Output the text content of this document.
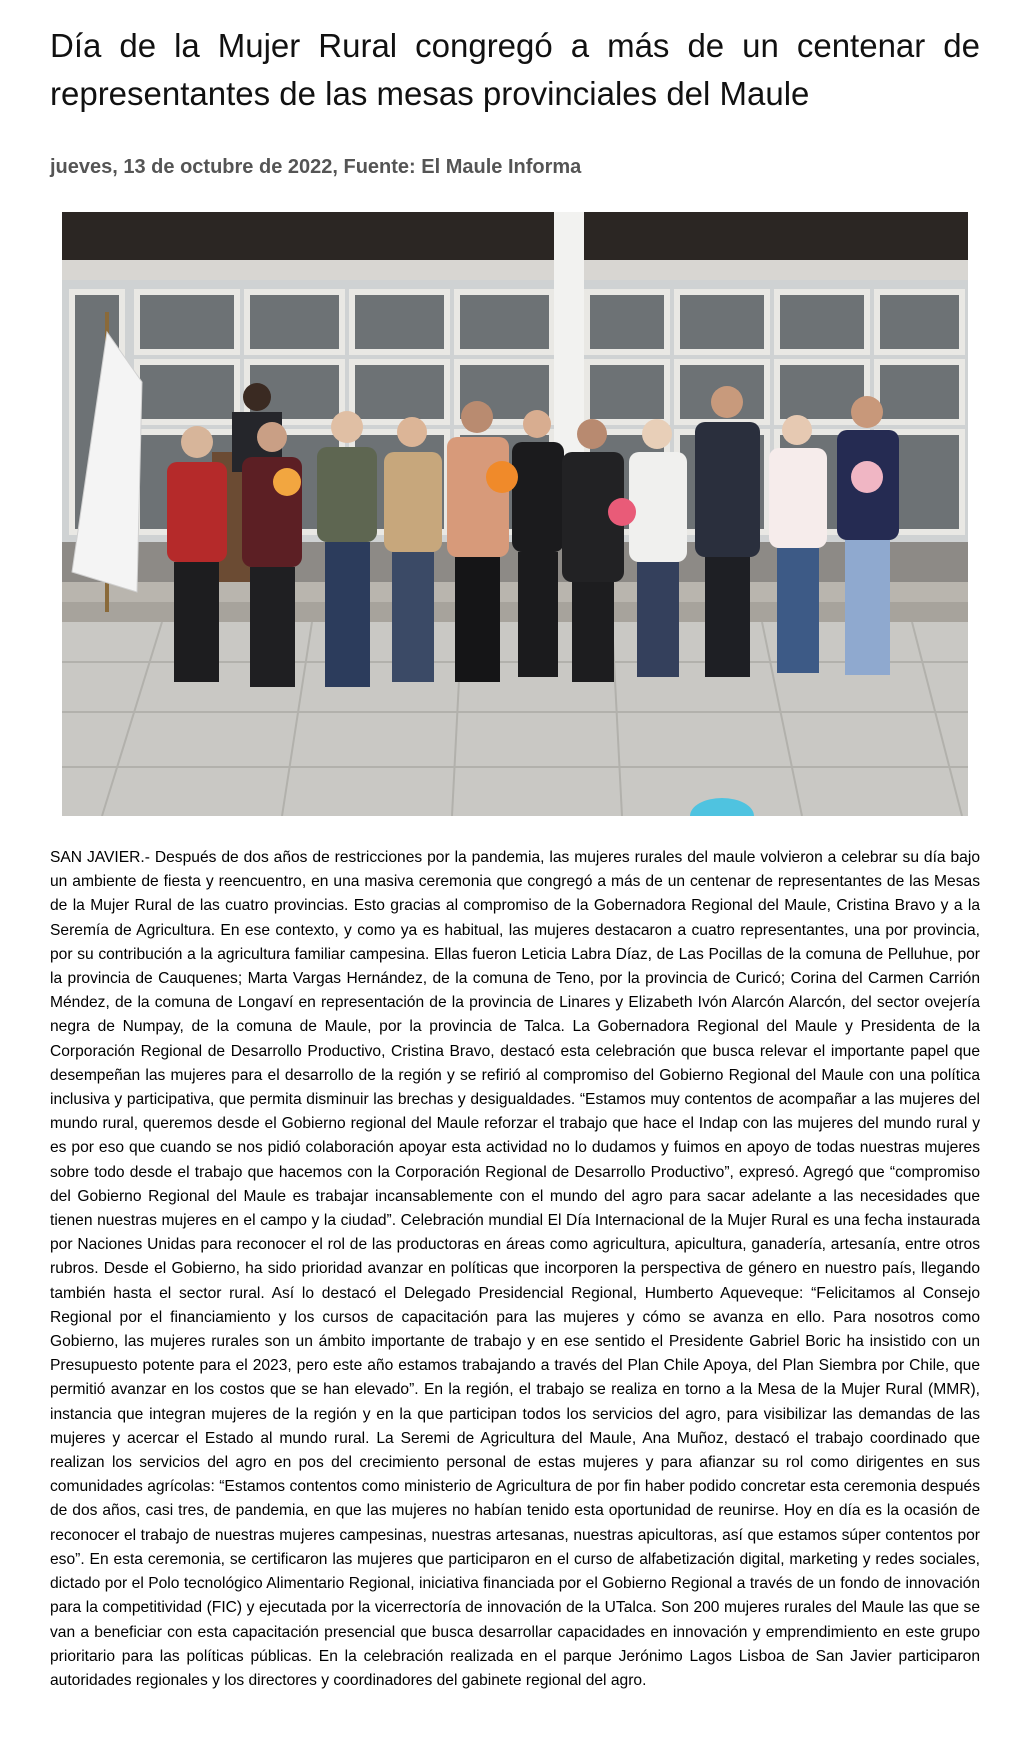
Día de la Mujer Rural congregó a más de un centenar de representantes de las mesas provinciales del Maule
jueves, 13 de octubre de 2022, Fuente: El Maule Informa

SAN JAVIER.- Después de dos años de restricciones por la pandemia, las mujeres rurales del maule volvieron a celebrar su día bajo un ambiente de fiesta y reencuentro, en una masiva ceremonia que congregó a más de un centenar de representantes de las Mesas de la Mujer Rural de las cuatro provincias. Esto gracias al compromiso de la Gobernadora Regional del Maule, Cristina Bravo y a la Seremía de Agricultura. En ese contexto, y como ya es habitual, las mujeres destacaron a cuatro representantes, una por provincia, por su contribución a la agricultura familiar campesina. Ellas fueron Leticia Labra Díaz, de Las Pocillas de la comuna de Pelluhue, por la provincia de Cauquenes; Marta Vargas Hernández, de la comuna de Teno, por la provincia de Curicó; Corina del Carmen Carrión Méndez, de la comuna de Longaví en representación de la provincia de Linares y Elizabeth Ivón Alarcón Alarcón, del sector ovejería negra de Numpay, de la comuna de Maule, por la provincia de Talca. La Gobernadora Regional del Maule y Presidenta de la Corporación Regional de Desarrollo Productivo, Cristina Bravo, destacó esta celebración que busca relevar el importante papel que desempeñan las mujeres para el desarrollo de la región y se refirió al compromiso del Gobierno Regional del Maule con una política inclusiva y participativa, que permita disminuir las brechas y desigualdades. “Estamos muy contentos de acompañar a las mujeres del mundo rural, queremos desde el Gobierno regional del Maule reforzar el trabajo que hace el Indap con las mujeres del mundo rural y es por eso que cuando se nos pidió colaboración apoyar esta actividad no lo dudamos y fuimos en apoyo de todas nuestras mujeres sobre todo desde el trabajo que hacemos con la Corporación Regional de Desarrollo Productivo”, expresó. Agregó que “compromiso del Gobierno Regional del Maule es trabajar incansablemente con el mundo del agro para sacar adelante a las necesidades que tienen nuestras mujeres en el campo y la ciudad”. Celebración mundial El Día Internacional de la Mujer Rural es una fecha instaurada por Naciones Unidas para reconocer el rol de las productoras en áreas como agricultura, apicultura, ganadería, artesanía, entre otros rubros. Desde el Gobierno, ha sido prioridad avanzar en políticas que incorporen la perspectiva de género en nuestro país, llegando también hasta el sector rural. Así lo destacó el Delegado Presidencial Regional, Humberto Aqueveque: “Felicitamos al Consejo Regional por el financiamiento y los cursos de capacitación para las mujeres y cómo se avanza en ello. Para nosotros como Gobierno, las mujeres rurales son un ámbito importante de trabajo y en ese sentido el Presidente Gabriel Boric ha insistido con un Presupuesto potente para el 2023, pero este año estamos trabajando a través del Plan Chile Apoya, del Plan Siembra por Chile, que permitió avanzar en los costos que se han elevado”. En la región, el trabajo se realiza en torno a la Mesa de la Mujer Rural (MMR), instancia que integran mujeres de la región y en la que participan todos los servicios del agro, para visibilizar las demandas de las mujeres y acercar el Estado al mundo rural. La Seremi de Agricultura del Maule, Ana Muñoz, destacó el trabajo coordinado que realizan los servicios del agro en pos del crecimiento personal de estas mujeres y para afianzar su rol como dirigentes en sus comunidades agrícolas: “Estamos contentos como ministerio de Agricultura de por fin haber podido concretar esta ceremonia después de dos años, casi tres, de pandemia, en que las mujeres no habían tenido esta oportunidad de reunirse. Hoy en día es la ocasión de reconocer el trabajo de nuestras mujeres campesinas, nuestras artesanas, nuestras apicultoras, así que estamos súper contentos por eso”. En esta ceremonia, se certificaron las mujeres que participaron en el curso de alfabetización digital, marketing y redes sociales, dictado por el Polo tecnológico Alimentario Regional, iniciativa financiada por el Gobierno Regional a través de un fondo de innovación para la competitividad (FIC) y ejecutada por la vicerrectoría de innovación de la UTalca. Son 200 mujeres rurales del Maule las que se van a beneficiar con esta capacitación presencial que busca desarrollar capacidades en innovación y emprendimiento en este grupo prioritario para las políticas públicas. En la celebración realizada en el parque Jerónimo Lagos Lisboa de San Javier participaron autoridades regionales y los directores y coordinadores del gabinete regional del agro.
